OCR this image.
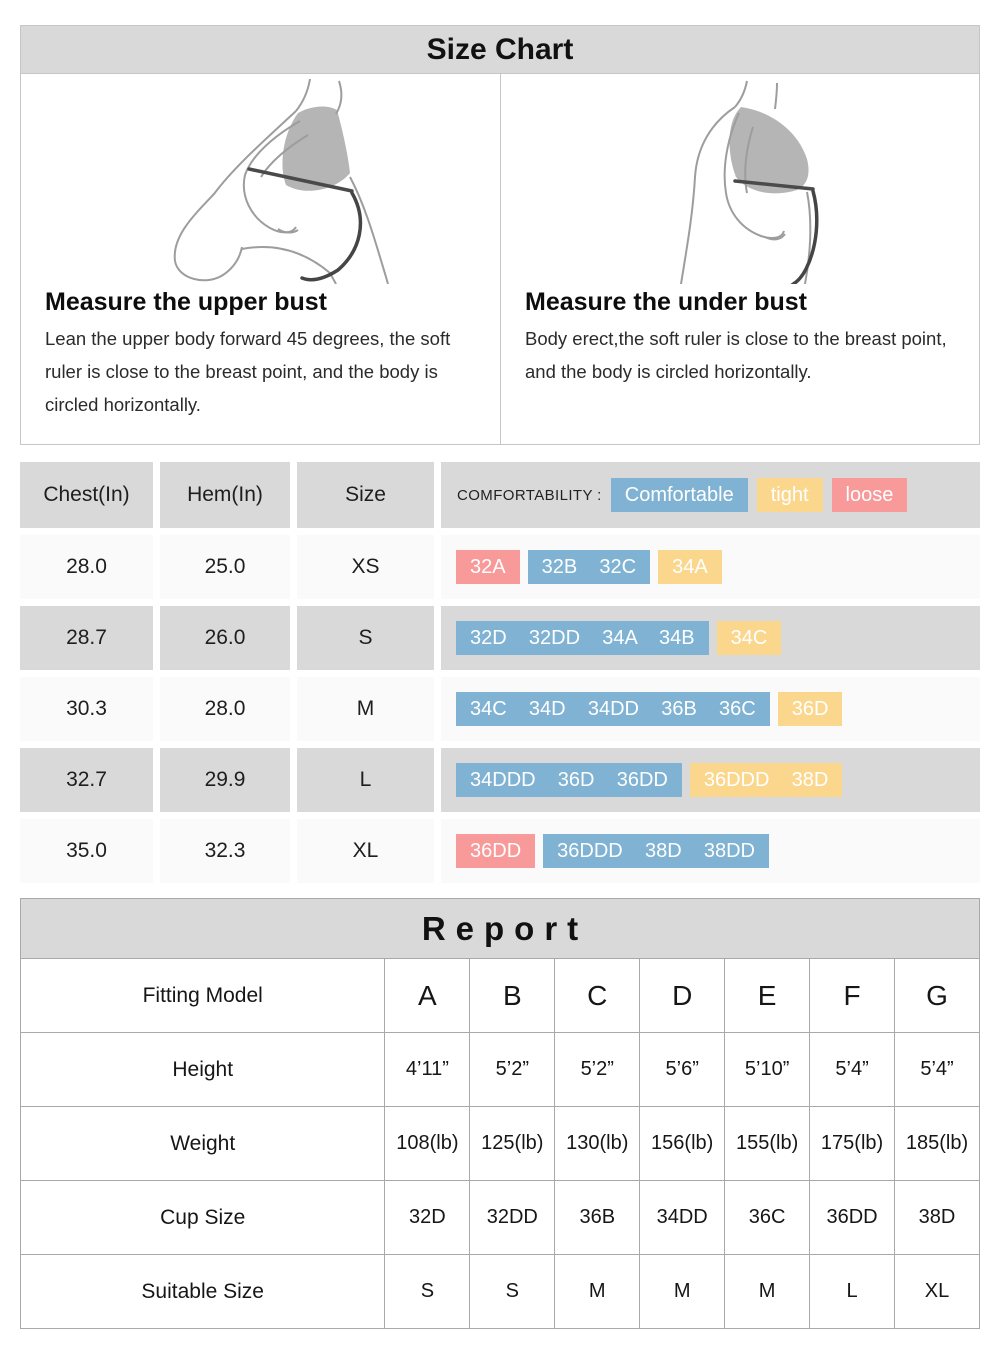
Size Chart
Measure the upper bust
Lean the upper body forward 45 degrees, the soft ruler is close to the breast point, and the body is circled horizontally.
Measure the under bust
Body erect,the soft ruler is close to the breast point, and the body is circled horizontally.
Chest(In)	Hem(In)	Size	COMFORTABILITY :	Comfortable	tight	loose
28.0	25.0	XS	32A	32B    32C	34A
28.7	26.0	S	32D    32DD    34A    34B	34C
30.3	28.0	M	34C    34D    34DD    36B    36C	36D
32.7	29.9	L	34DDD    36D    36DD	36DDD    38D
35.0	32.3	XL	36DD	36DDD    38D    38DD
Report
Fitting Model	A	B	C	D	E	F	G
Height	4’11”	5’2”	5’2”	5’6”	5’10”	5’4”	5’4”
Weight	108(lb)	125(lb)	130(lb)	156(lb)	155(lb)	175(lb)	185(lb)
Cup Size	32D	32DD	36B	34DD	36C	36DD	38D
Suitable Size	S	S	M	M	M	L	XL
